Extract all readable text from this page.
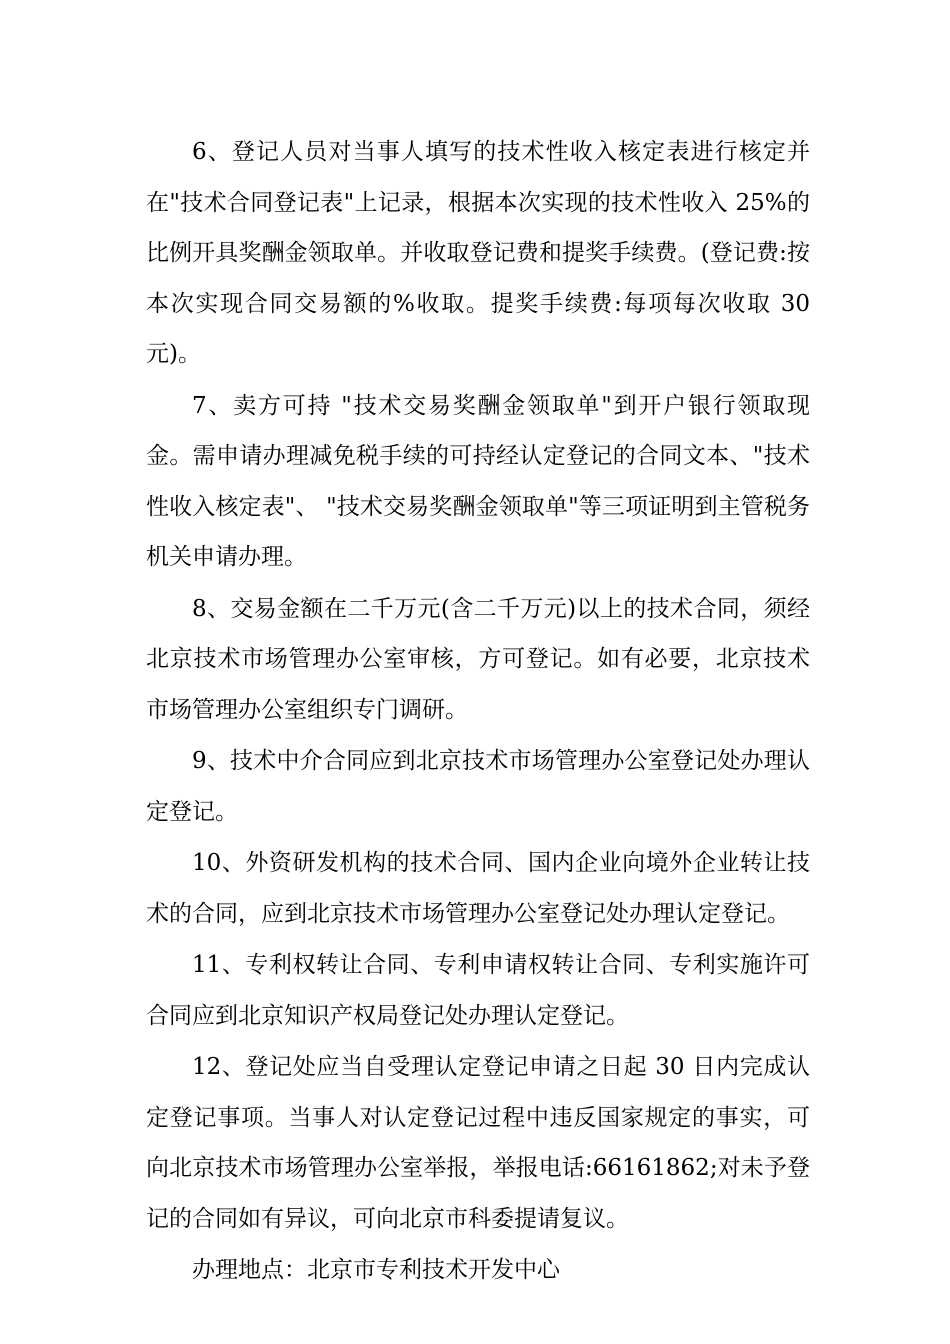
6、登记人员对当事人填写的技术性收入核定表进行核定并在"技术合同登记表"上记录，根据本次实现的技术性收入 25%的比例开具奖酬金领取单。并收取登记费和提奖手续费。(登记费:按本次实现合同交易额的%收取。提奖手续费:每项每次收取 30 元)。

7、卖方可持 "技术交易奖酬金领取单"到开户银行领取现金。需申请办理减免税手续的可持经认定登记的合同文本、"技术性收入核定表"、 "技术交易奖酬金领取单"等三项证明到主管税务机关申请办理。

8、交易金额在二千万元(含二千万元)以上的技术合同，须经北京技术市场管理办公室审核，方可登记。如有必要，北京技术市场管理办公室组织专门调研。

9、技术中介合同应到北京技术市场管理办公室登记处办理认定登记。

10、外资研发机构的技术合同、国内企业向境外企业转让技术的合同，应到北京技术市场管理办公室登记处办理认定登记。

11、专利权转让合同、专利申请权转让合同、专利实施许可合同应到北京知识产权局登记处办理认定登记。

12、登记处应当自受理认定登记申请之日起 30 日内完成认定登记事项。当事人对认定登记过程中违反国家规定的事实，可向北京技术市场管理办公室举报，举报电话:66161862;对未予登记的合同如有异议，可向北京市科委提请复议。

办理地点：北京市专利技术开发中心
